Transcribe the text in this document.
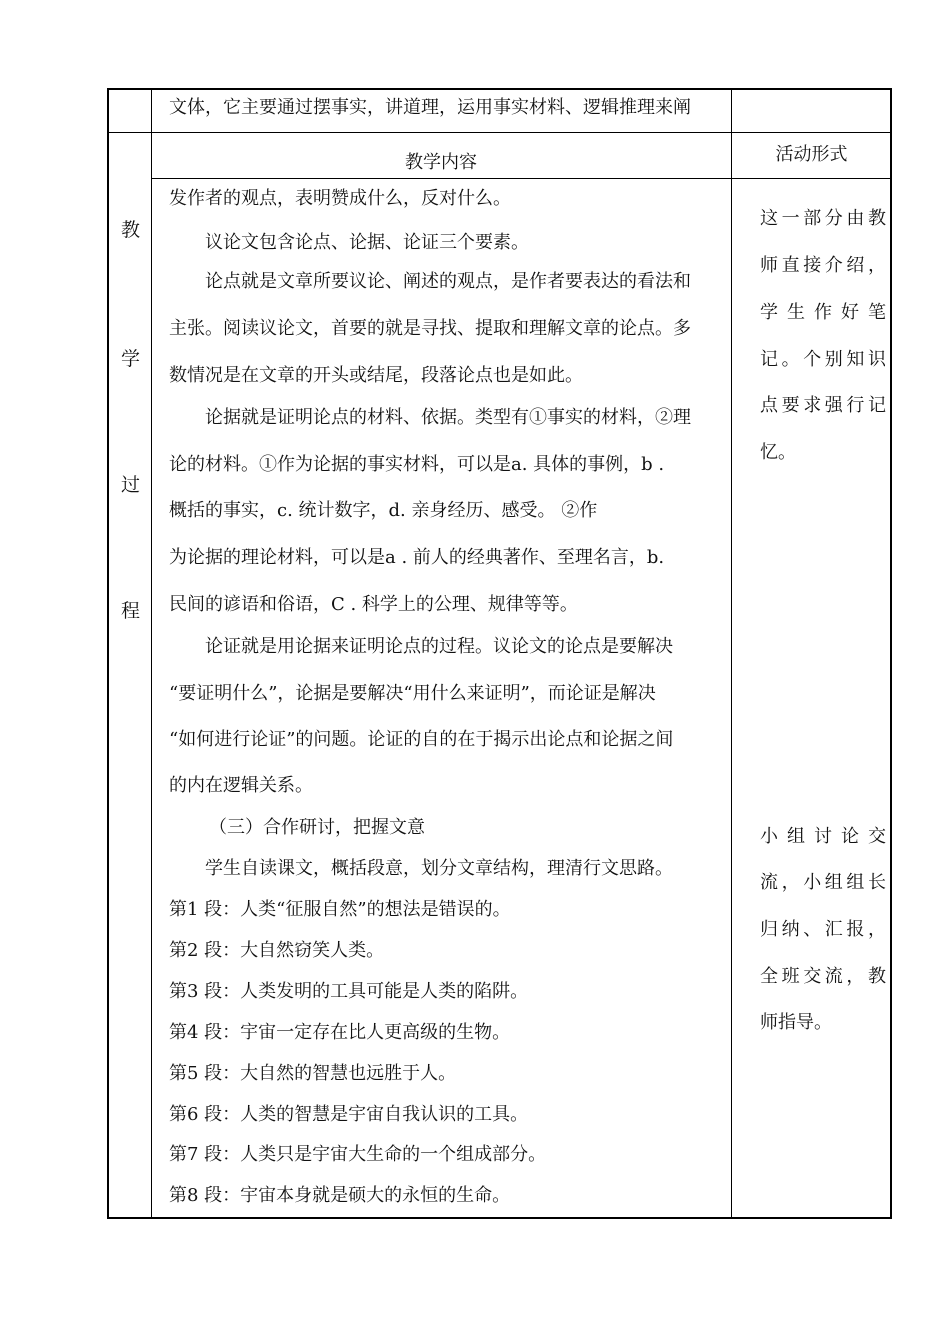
文体，它主要通过摆事实，讲道理，运用事实材料、逻辑推理来阐
教学内容	活动形式
教
学
过
程
发作者的观点，表明赞成什么，反对什么。
议论文包含论点、论据、论证三个要素。
论点就是文章所要议论、阐述的观点，是作者要表达的看法和
主张。阅读议论文，首要的就是寻找、提取和理解文章的论点。多
数情况是在文章的开头或结尾，段落论点也是如此。
论据就是证明论点的材料、依据。类型有①事实的材料，②理
论的材料。①作为论据的事实材料，可以是a. 具体的事例，b .
概括的事实，c. 统计数字，d. 亲身经历、感受。 ②作
为论据的理论材料，可以是a . 前人的经典著作、至理名言，b.
民间的谚语和俗语，C . 科学上的公理、规律等等。
论证就是用论据来证明论点的过程。议论文的论点是要解决
“要证明什么”，论据是要解决“用什么来证明”，而论证是解决
“如何进行论证”的问题。论证的自的在于揭示出论点和论据之间
的内在逻辑关系。
（三）合作研讨，把握文意
学生自读课文，概括段意，划分文章结构，理清行文思路。
第1 段：人类“征服自然”的想法是错误的。
第2 段：大自然窃笑人类。
第3 段：人类发明的工具可能是人类的陷阱。
第4 段：宇宙一定存在比人更高级的生物。
第5 段：大自然的智慧也远胜于人。
第6 段：人类的智慧是宇宙自我认识的工具。
第7 段：人类只是宇宙大生命的一个组成部分。
第8 段：宇宙本身就是硕大的永恒的生命。
这 一 部 分 由 教
师 直 接 介 绍 ，
学 生 作 好 笔
记 。 个 别 知 识
点 要 求 强 行 记
忆 。
小 组 讨 论 交
流 ， 小 组 组 长
归 纳 、 汇 报 ，
全 班 交 流 ， 教
师 指 导 。
